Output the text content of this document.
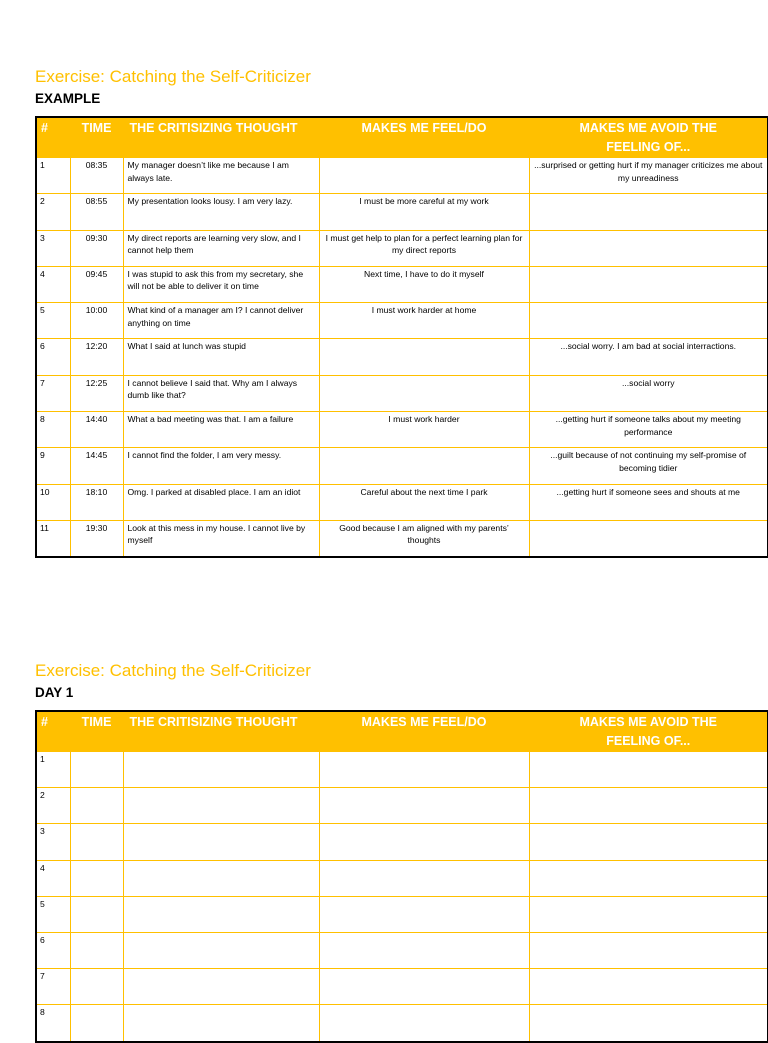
Exercise: Catching the Self-Criticizer
EXAMPLE
#	TIME	THE CRITISIZING THOUGHT	MAKES ME FEEL/DO	MAKES ME AVOID THE FEELING OF...
1	08:35	My manager doesn’t like me because I am always late.		...surprised or getting hurt if my manager criticizes me about my unreadiness
2	08:55	My presentation looks lousy. I am very lazy.	I must be more careful at my work	
3	09:30	My direct reports are learning very slow, and I cannot help them	I must get help to plan for a perfect learning plan for my direct reports	
4	09:45	I was stupid to ask this from my secretary, she will not be able to deliver it on time	Next time, I have to do it myself	
5	10:00	What kind of a manager am I? I cannot deliver anything on time	I must work harder at home	
6	12:20	What I said at lunch was stupid		...social worry. I am bad at social interractions.
7	12:25	I cannot believe I said that. Why am I always dumb like that?		...social worry
8	14:40	What a bad meeting was that. I am a failure	I must work harder	...getting hurt if someone talks about my meeting performance
9	14:45	I cannot find the folder, I am very messy.		...guilt because of not continuing my self-promise of becoming tidier
10	18:10	Omg. I parked at disabled place. I am an idiot	Careful about the next time I park	...getting hurt if someone sees and shouts at me
11	19:30	Look at this mess in my house. I cannot live by myself	Good because I am aligned with my parents’ thoughts	
Exercise: Catching the Self-Criticizer
DAY 1
#	TIME	THE CRITISIZING THOUGHT	MAKES ME FEEL/DO	MAKES ME AVOID THE FEELING OF...
1				
2				
3				
4				
5				
6				
7				
8				
